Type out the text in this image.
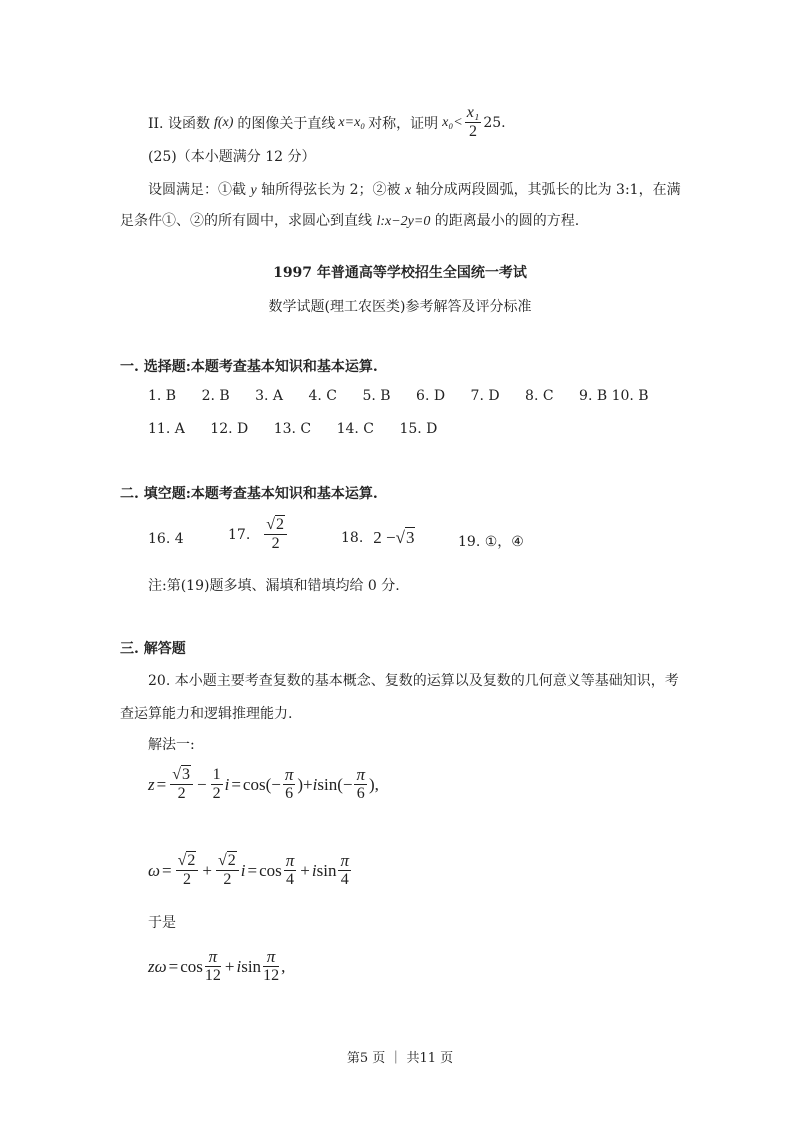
II. 设函数 f(x) 的图像关于直线 x=x₀ 对称，证明 $x_0< \frac{\text{x₁}}{2} 25$.
(25)（本小题满分 12 分）
设圆满足：①截 y 轴所得弦长为 2；②被 x 轴分成两段圆弧，其弧长的比为 3:1，在满
足条件①、②的所有圆中，求圆心到直线 l:x−2y=0 的距离最小的圆的方程.
1997 年普通高等学校招生全国统一考试
数学试题(理工农医类)参考解答及评分标准
一. 选择题:本题考查基本知识和基本运算.
1. B 2. B 3. A 4. C 5. B 6. D 7. D 8. C 9. B 10. B
11. A 12. D 13. C 14. C 15. D
二. 填空题:本题考查基本知识和基本运算.
16. 4	17. $\frac{√2}{2}$	18. 2 − √3	19. ①，④
注:第(19)题多填、漏填和错填均给 0 分.
三. 解答题
20. 本小题主要考查复数的基本概念、复数的运算以及复数的几何意义等基础知识，考
查运算能力和逻辑推理能力.
解法一:
$z = \frac{√3}{2} - \frac{1}{2}$ $i = \cos(- \frac{\pi}{6}$ )+ i $\sin(- \frac{\pi}{6}$ ),
$\omega = \frac{√2}{2} + \frac{√2}{2}$ $i = \cos \frac{\pi}{4} + i$ $\sin \frac{\pi}{4}$
于是
$z\omega = \cos \frac{\pi}{12} + i$ $\sin \frac{\pi}{12}$ ,
第5 页 ｜ 共11 页
